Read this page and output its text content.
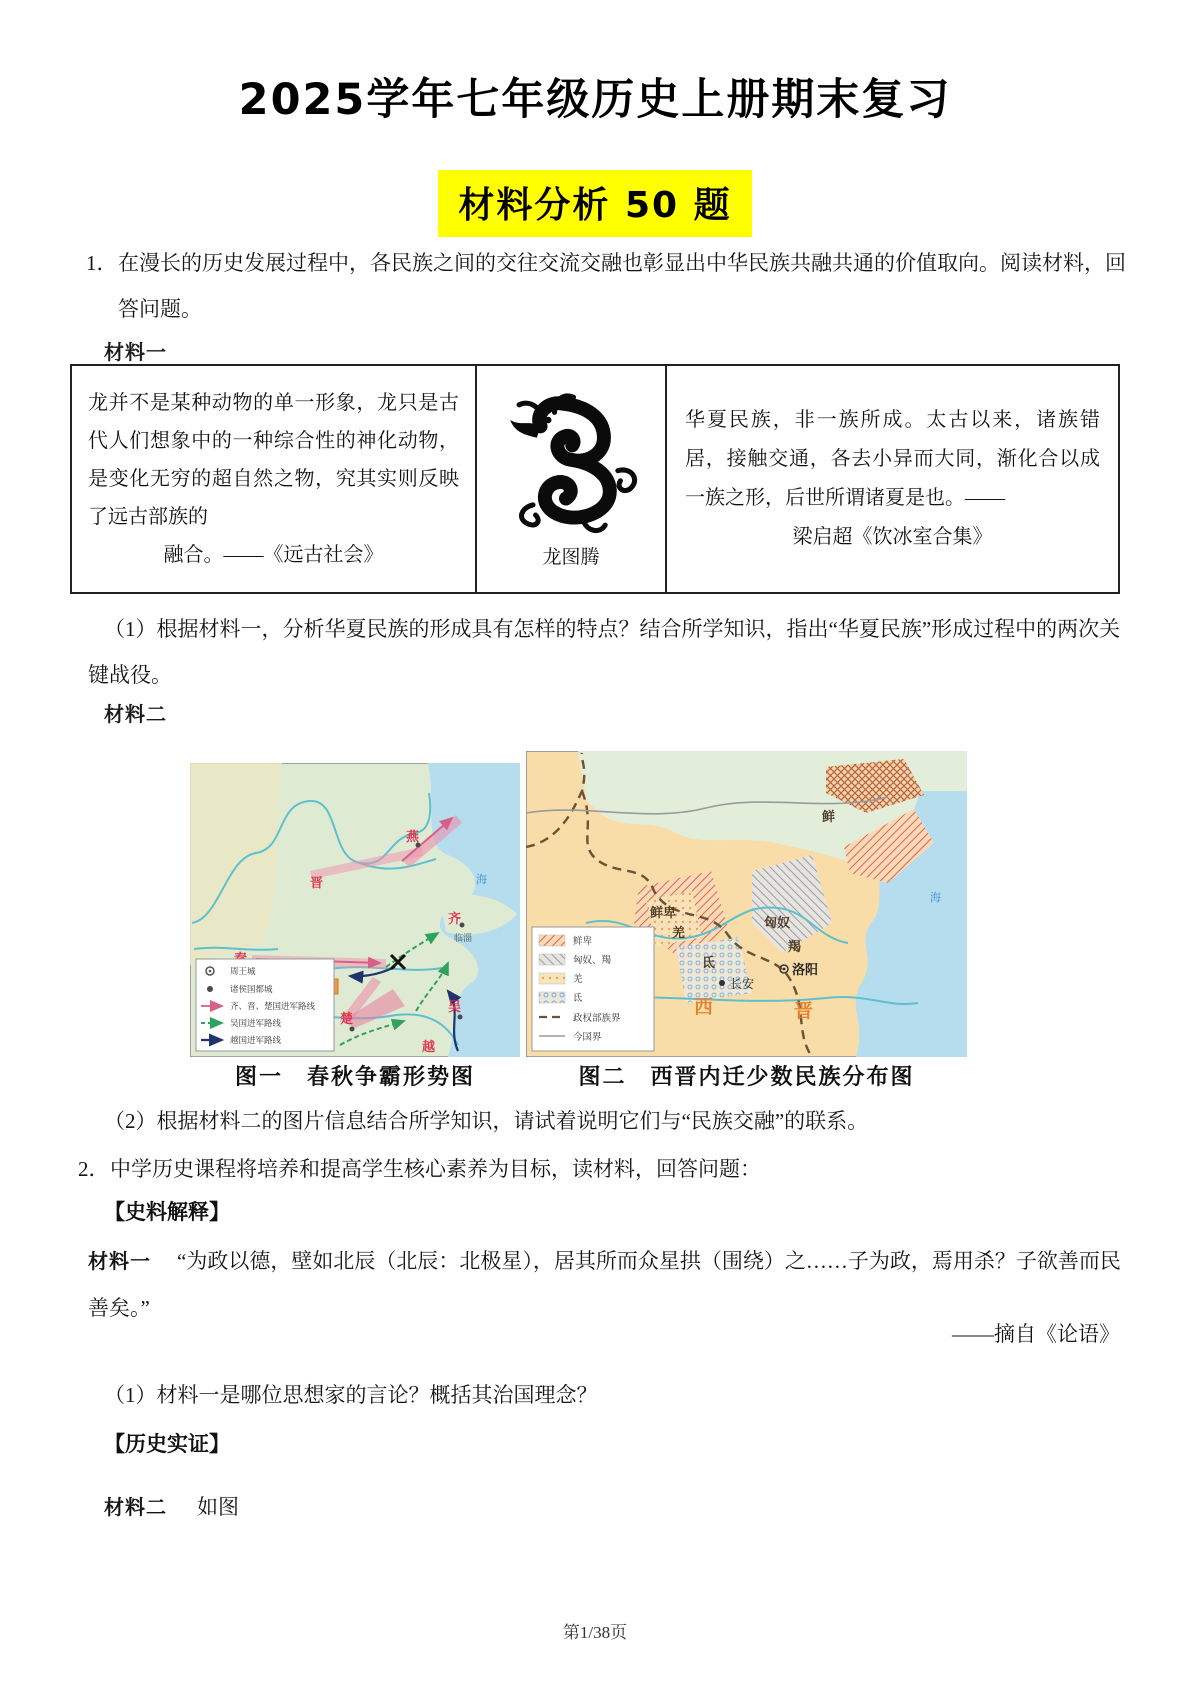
2025学年七年级历史上册期末复习
材料分析 50 题
1． 在漫长的历史发展过程中，各民族之间的交往交流交融也彰显出中华民族共融共通的价值取向。阅读材料，回答问题。
材料一
龙并不是某种动物的单一形象，龙只是古代人们想象中的一种综合性的神化动物，是变化无穷的超自然之物，究其实则反映了远古部族的
融合。——《远古社会》	龙图腾
华夏民族，非一族所成。太古以来，诸族错居，接触交通，各去小异而大同，渐化合以成一族之形，后世所谓诸夏是也。——
梁启超《饮冰室合集》
（1）根据材料一，分析华夏民族的形成具有怎样的特点？结合所学知识，指出“华夏民族”形成过程中的两次关键战役。
材料二
燕
晋
齐
楚
吴
越
临淄
海
周王城
诸侯国都城
齐、晋、楚国进军路线
吴国进军路线
越国进军路线
图一　春秋争霸形势图
鲜
鲜卑
匈奴
羯
羌
氐	洛阳
长安
西	晋
海
鲜卑
匈奴、羯
羌
氐
政权部族界
今国界
图二　西晋内迁少数民族分布图
（2）根据材料二的图片信息结合所学知识，请试着说明它们与“民族交融”的联系。
2． 中学历史课程将培养和提高学生核心素养为目标，读材料，回答问题：
【史料解释】
材料一 “为政以德，壁如北辰（北辰：北极星），居其所而众星拱（围绕）之……子为政，焉用杀？子欲善而民善矣。”
——摘自《论语》
（1）材料一是哪位思想家的言论？概括其治国理念？
【历史实证】
材料二 如图
第1/38页
